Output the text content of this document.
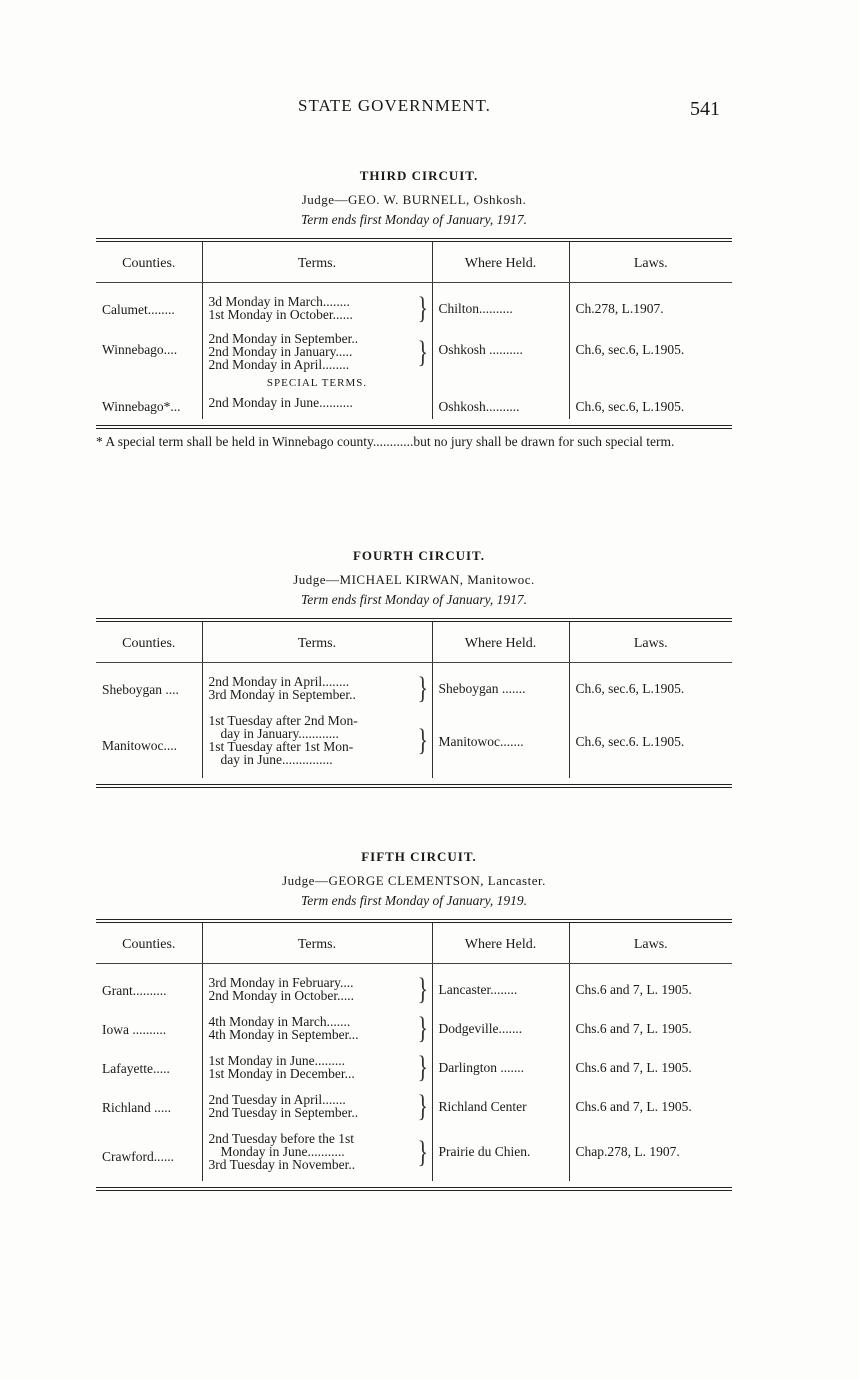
STATE GOVERNMENT.	541
THIRD CIRCUIT.
Judge—GEO. W. BURNELL, Oshkosh.
Term ends first Monday of January, 1917.
Counties.	Terms.	Where Held.	Laws.
Calumet........	3d Monday in March........
1st Monday in October...... }	Chilton..........	Ch.278, L.1907.
Winnebago....	2nd Monday in September..
2nd Monday in January.....
2nd Monday in April........ }	Oshkosh ..........	Ch.6, sec.6, L.1905.
	SPECIAL TERMS.		
Winnebago*...	2nd Monday in June..........	Oshkosh..........	Ch.6, sec.6, L.1905.
* A special term shall be held in Winnebago county............but no jury shall be drawn for such special term.
FOURTH CIRCUIT.
Judge—MICHAEL KIRWAN, Manitowoc.
Term ends first Monday of January, 1917.
Counties.	Terms.	Where Held.	Laws.
Sheboygan ....	2nd Monday in April........
3rd Monday in September.. }	Sheboygan .......	Ch.6, sec.6, L.1905.
Manitowoc....	1st Tuesday after 2nd Mon-
day in January............
1st Tuesday after 1st Mon-
day in June...............
}	Manitowoc.......	Ch.6, sec.6. L.1905.
FIFTH CIRCUIT.
Judge—GEORGE CLEMENTSON, Lancaster.
Term ends first Monday of January, 1919.
Counties.	Terms.	Where Held.	Laws.
Grant..........	3rd Monday in February....
2nd Monday in October..... }	Lancaster........	Chs.6 and 7, L. 1905.
Iowa ..........	4th Monday in March.......
4th Monday in September... }	Dodgeville.......	Chs.6 and 7, L. 1905.
Lafayette.....	1st Monday in June.........
1st Monday in December... }	Darlington .......	Chs.6 and 7, L. 1905.
Richland .....	2nd Tuesday in April.......
2nd Tuesday in September.. }	Richland Center	Chs.6 and 7, L. 1905.
Crawford......	2nd Tuesday before the 1st
Monday in June...........
3rd Tuesday in November.. }	Prairie du Chien.	Chap.278, L. 1907.
